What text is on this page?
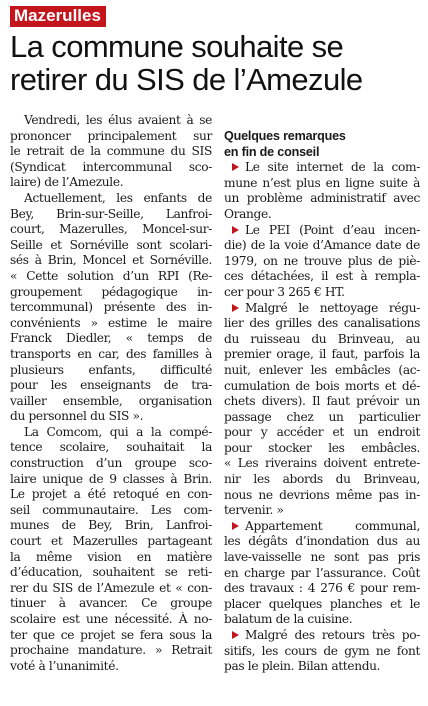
Mazerulles
La commune souhaite se
retirer du SIS de l’Amezule
Vendredi, les élus avaient à se
prononcer principalement sur
le retrait de la commune du SIS
(Syndicat intercommunal sco-
laire) de l’Amezule.
Actuellement, les enfants de
Bey, Brin-sur-Seille, Lanfroi-
court, Mazerulles, Moncel-sur-
Seille et Sornéville sont scolari-
sés à Brin, Moncel et Sornéville.
« Cette solution d’un RPI (Re-
groupement pédagogique in-
tercommunal) présente des in-
convénients » estime le maire
Franck Diedler, « temps de
transports en car, des familles à
plusieurs enfants, difficulté
pour les enseignants de tra-
vailler ensemble, organisation
du personnel du SIS ».
La Comcom, qui a la compé-
tence scolaire, souhaitait la
construction d’un groupe sco-
laire unique de 9 classes à Brin.
Le projet a été retoqué en con-
seil communautaire. Les com-
munes de Bey, Brin, Lanfroi-
court et Mazerulles partageant
la même vision en matière
d’éducation, souhaitent se reti-
rer du SIS de l’Amezule et « con-
tinuer à avancer. Ce groupe
scolaire est une nécessité. À no-
ter que ce projet se fera sous la
prochaine mandature. » Retrait
voté à l’unanimité.
Quelques remarques
en fin de conseil
Le site internet de la com-
mune n’est plus en ligne suite à
un problème administratif avec
Orange.
Le PEI (Point d’eau incen-
die) de la voie d’Amance date de
1979, on ne trouve plus de piè-
ces détachées, il est à rempla-
cer pour 3 265 € HT.
Malgré le nettoyage régu-
lier des grilles des canalisations
du ruisseau du Brinveau, au
premier orage, il faut, parfois la
nuit, enlever les embâcles (ac-
cumulation de bois morts et dé-
chets divers). Il faut prévoir un
passage chez un particulier
pour y accéder et un endroit
pour stocker les embâcles.
« Les riverains doivent entrete-
nir les abords du Brinveau,
nous ne devrions même pas in-
tervenir. »
Appartement communal,
les dégâts d’inondation dus au
lave-vaisselle ne sont pas pris
en charge par l’assurance. Coût
des travaux : 4 276 € pour rem-
placer quelques planches et le
balatum de la cuisine.
Malgré des retours très po-
sitifs, les cours de gym ne font
pas le plein. Bilan attendu.
